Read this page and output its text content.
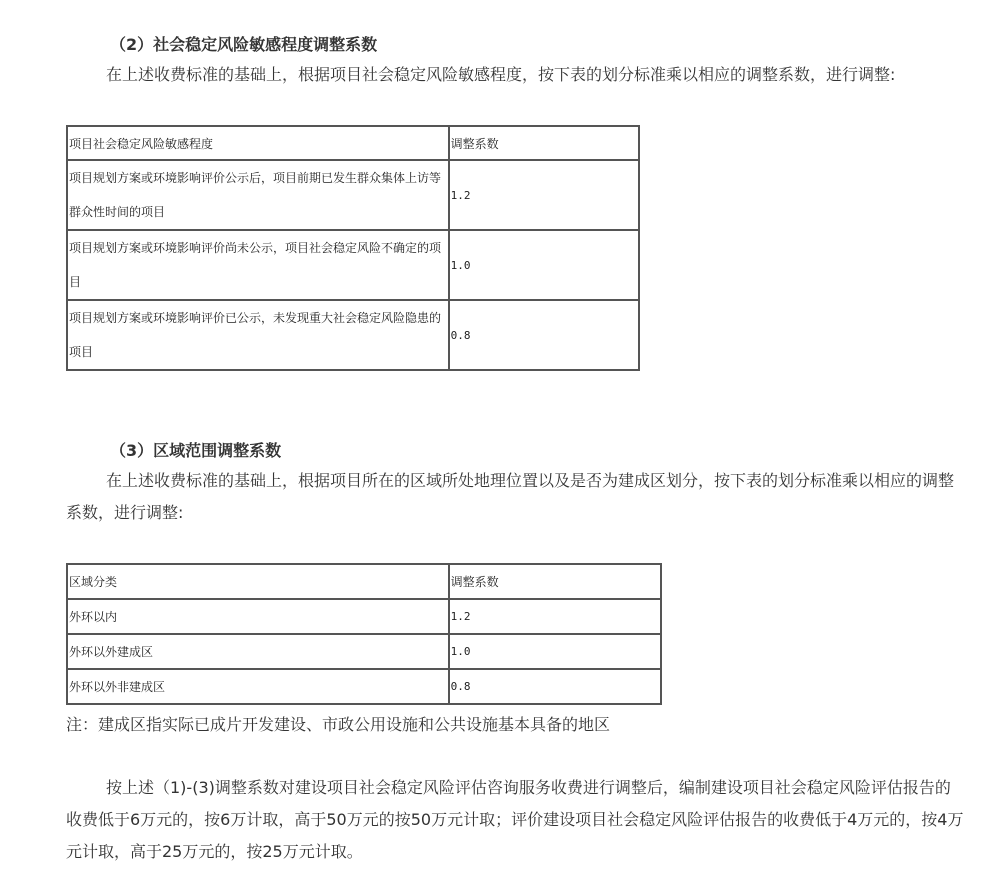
（2）社会稳定风险敏感程度调整系数
在上述收费标准的基础上，根据项目社会稳定风险敏感程度，按下表的划分标准乘以相应的调整系数，进行调整:
项目社会稳定风险敏感程度	调整系数

项目规划方案或环境影响评价公示后，项目前期已发生群众集体上访等群众性时间的项目	1.2

项目规划方案或环境影响评价尚未公示，项目社会稳定风险不确定的项目	1.0

项目规划方案或环境影响评价已公示，未发现重大社会稳定风险隐患的项目	0.8
（3）区域范围调整系数
在上述收费标准的基础上，根据项目所在的区域所处地理位置以及是否为建成区划分，按下表的划分标准乘以相应的调整系数，进行调整:
区域分类	调整系数
外环以内	1.2
外环以外建成区	1.0
外环以外非建成区	0.8
注：建成区指实际已成片开发建设、市政公用设施和公共设施基本具备的地区
按上述（1)-(3)调整系数对建设项目社会稳定风险评估咨询服务收费进行调整后，编制建设项目社会稳定风险评估报告的收费低于6万元的，按6万计取，高于50万元的按50万元计取；评价建设项目社会稳定风险评估报告的收费低于4万元的，按4万元计取，高于25万元的，按25万元计取。
